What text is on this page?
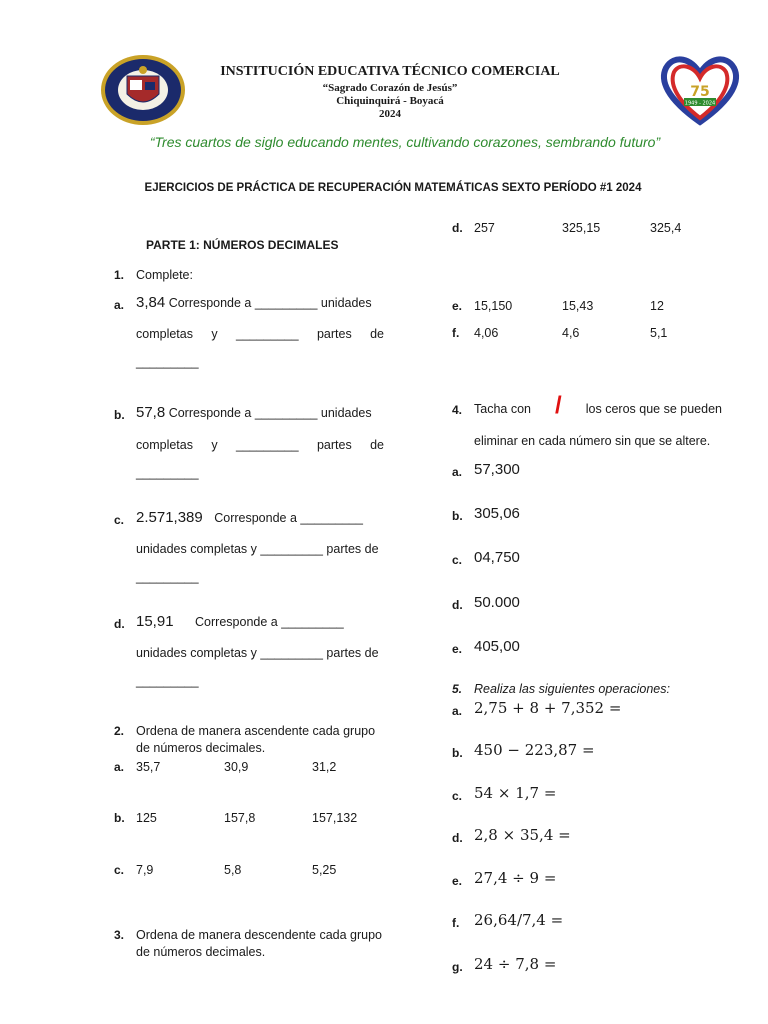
INSTITUCIÓN EDUCATIVA TÉCNICO COMERCIAL
“Sagrado Corazón de Jesús”
Chiquinquirá - Boyacá
2024
75
1949 - 2024
“Tres cuartos de siglo educando mentes, cultivando corazones, sembrando futuro”
EJERCICIOS DE PRÁCTICA DE RECUPERACIÓN MATEMÁTICAS SEXTO PERÍODO #1 2024
PARTE 1: NÚMEROS DECIMALES
1. Complete:
a. 3,84 Corresponde a _________ unidades
completas y _________ partes de
_________
b. 57,8 Corresponde a _________ unidades
completas y _________ partes de
_________
c. 2.571,389 Corresponde a _________
unidades completas y _________ partes de
_________
d. 15,91 Corresponde a _________
unidades completas y _________ partes de
_________
2. Ordena de manera ascendente cada grupo
de números decimales.
a. 35,7	30,9	31,2
b. 125	157,8	157,132
c. 7,9	5,8	5,25
3. Ordena de manera descendente cada grupo
de números decimales.
d. 257	325,15	325,4
e. 15,150	15,43	12
f. 4,06	4,6	5,1
4. Tacha con / los ceros que se pueden
eliminar en cada número sin que se altere.
a. 57,300
b. 305,06
c. 04,750
d. 50.000
e. 405,00
5. Realiza las siguientes operaciones:
a. 2,75 + 8 + 7,352 =
b. 450 − 223,87 =
c. 54 × 1,7 =
d. 2,8 × 35,4 =
e. 27,4 ÷ 9 =
f. 26,64/7,4 =
g. 24 ÷ 7,8 =
